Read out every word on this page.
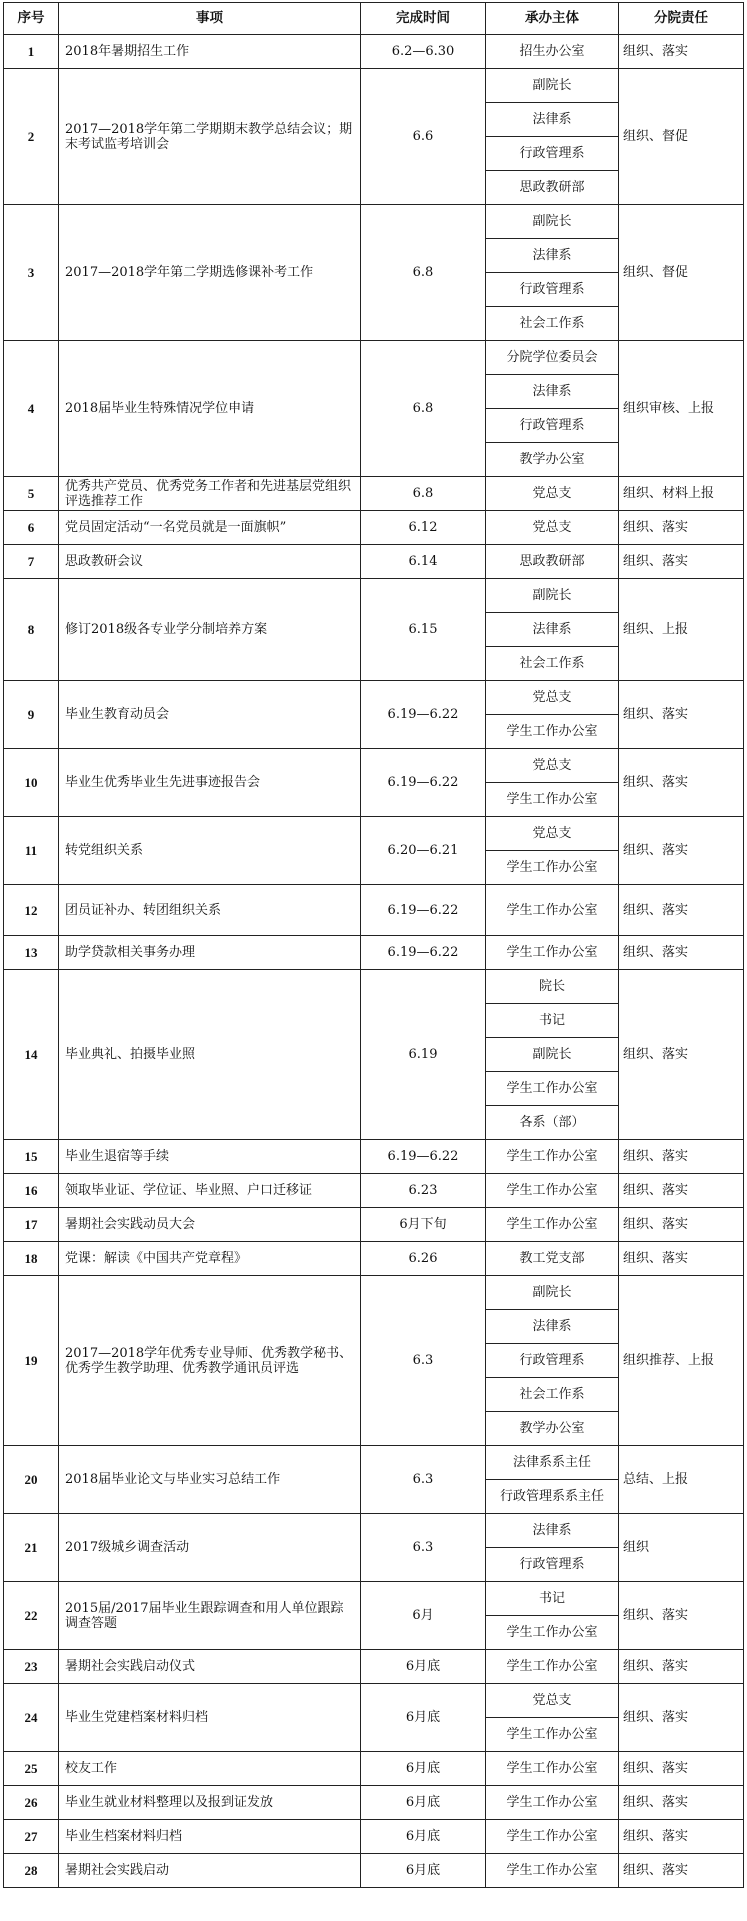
序号	事项	完成时间	承办主体	分院责任
1	2018年暑期招生工作	6.2—6.30	招生办公室	组织、落实
2	2017—2018学年第二学期期末教学总结会议；期末考试监考培训会	6.6	副院长	组织、督促
			法律系	
			行政管理系	
			思政教研部	
3	2017—2018学年第二学期选修课补考工作	6.8	副院长	组织、督促
			法律系	
			行政管理系	
			社会工作系	
4	2018届毕业生特殊情况学位申请	6.8	分院学位委员会	组织审核、上报
			法律系	
			行政管理系	
			教学办公室	
5	优秀共产党员、优秀党务工作者和先进基层党组织评选推荐工作	6.8	党总支	组织、材料上报
6	党员固定活动“一名党员就是一面旗帜”	6.12	党总支	组织、落实
7	思政教研会议	6.14	思政教研部	组织、落实
8	修订2018级各专业学分制培养方案	6.15	副院长	组织、上报
			法律系	
			社会工作系	
9	毕业生教育动员会	6.19—6.22	党总支	组织、落实
			学生工作办公室	
10	毕业生优秀毕业生先进事迹报告会	6.19—6.22	党总支	组织、落实
			学生工作办公室	
11	转党组织关系	6.20—6.21	党总支	组织、落实
			学生工作办公室	
12	团员证补办、转团组织关系	6.19—6.22	学生工作办公室	组织、落实
13	助学贷款相关事务办理	6.19—6.22	学生工作办公室	组织、落实
14	毕业典礼、拍摄毕业照	6.19	院长	组织、落实
			书记	
			副院长	
			学生工作办公室	
			各系（部）	
15	毕业生退宿等手续	6.19—6.22	学生工作办公室	组织、落实
16	领取毕业证、学位证、毕业照、户口迁移证	6.23	学生工作办公室	组织、落实
17	暑期社会实践动员大会	6月下旬	学生工作办公室	组织、落实
18	党课：解读《中国共产党章程》	6.26	教工党支部	组织、落实
19	2017—2018学年优秀专业导师、优秀教学秘书、优秀学生教学助理、优秀教学通讯员评选	6.3	副院长	组织推荐、上报
			法律系	
			行政管理系	
			社会工作系	
			教学办公室	
20	2018届毕业论文与毕业实习总结工作	6.3	法律系系主任	总结、上报
			行政管理系系主任	
21	2017级城乡调查活动	6.3	法律系	组织
			行政管理系	
22	2015届/2017届毕业生跟踪调查和用人单位跟踪调查答题	6月	书记	组织、落实
			学生工作办公室	
23	暑期社会实践启动仪式	6月底	学生工作办公室	组织、落实
24	毕业生党建档案材料归档	6月底	党总支	组织、落实
			学生工作办公室	
25	校友工作	6月底	学生工作办公室	组织、落实
26	毕业生就业材料整理以及报到证发放	6月底	学生工作办公室	组织、落实
27	毕业生档案材料归档	6月底	学生工作办公室	组织、落实
28	暑期社会实践启动	6月底	学生工作办公室	组织、落实
